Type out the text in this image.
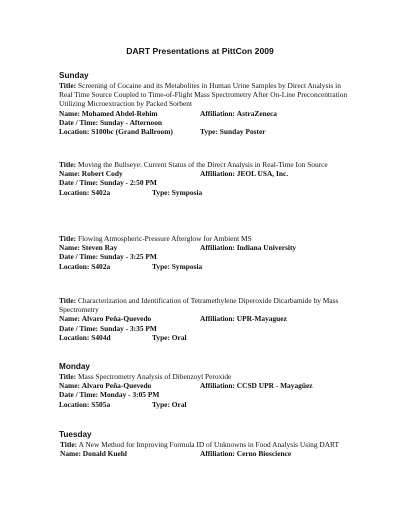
DART Presentations at PittCon 2009
Sunday
Title: Screening of Cocaine and its Metabolites in Human Urine Samples by Direct Analysis in Real Time Source Coupled to Time-of-Flight Mass Spectrometry After On-Line Preconcentration Utilizing Microextraction by Packed Sorbent
Name: Mohamed Abdel-Rehim	Affiliation: AstraZeneca
Date / Time: Sunday - Afternoon
Location: S100bc (Grand Ballroom)	Type: Sunday Poster
Title: Moving the Bullseye: Current Status of the Direct Analysis in Real-Time Ion Source
Name: Robert Cody	Affiliation: JEOL USA, Inc.
Date / Time: Sunday - 2:50 PM
Location: S402a	Type: Symposia
Title: Flowing Atmospheric-Pressure Afterglow for Ambient MS
Name: Steven Ray	Affiliation: Indiana University
Date / Time: Sunday - 3:25 PM
Location: S402a	Type: Symposia
Title: Characterization and Identification of Tetramethylene Diperoxide Dicarbamide by Mass Spectrometry
Name: Alvaro Peña-Quevedo	Affiliation: UPR-Mayaguez
Date / Time: Sunday - 3:35 PM
Location: S404d	Type: Oral
Monday
Title: Mass Spectrometry Analysis of Dibenzoyl Peroxide
Name: Alvaro Peña-Quevedo	Affiliation: CCSD UPR - Mayagüez
Date / Time: Monday - 3:05 PM
Location: S505a	Type: Oral
Tuesday
Title: A New Method for Improving Formula ID of Unknowns in Food Analysis Using DART
Name: Donald Kuehl	Affiliation: Cerno Bioscience
